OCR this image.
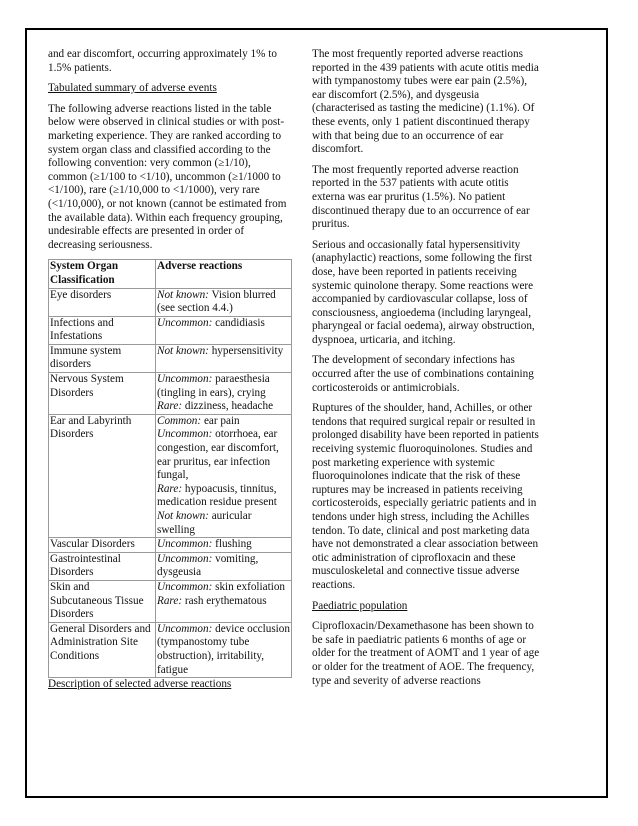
and ear discomfort, occurring approximately 1% to 1.5% patients.

Tabulated summary of adverse events

The following adverse reactions listed in the table below were observed in clinical studies or with post-marketing experience. They are ranked according to system organ class and classified according to the following convention: very common (≥1/10), common (≥1/100 to <1/10), uncommon (≥1/1000 to <1/100), rare (≥1/10,000 to <1/1000), very rare (<1/10,000), or not known (cannot be estimated from the available data). Within each frequency grouping, undesirable effects are presented in order of decreasing seriousness.

System Organ Classification	Adverse reactions
Eye disorders	Not known: Vision blurred (see section 4.4.)

Infections and Infestations	Uncommon: candidiasis

Immune system disorders	Not known: hypersensitivity

Nervous System Disorders	Uncommon: paraesthesia (tingling in ears), crying
Rare: dizziness, headache

Ear and Labyrinth Disorders	Common: ear pain
Uncommon: otorrhoea, ear congestion, ear discomfort, ear pruritus, ear infection fungal,
Rare: hypoacusis, tinnitus, medication residue present
Not known: auricular swelling

Vascular Disorders	Uncommon: flushing

Gastrointestinal Disorders	Uncommon: vomiting, dysgeusia

Skin and Subcutaneous Tissue Disorders	Uncommon: skin exfoliation
Rare: rash erythematous

General Disorders and Administration Site Conditions	Uncommon: device occlusion (tympanostomy tube obstruction), irritability, fatigue

Description of selected adverse reactions

The most frequently reported adverse reactions reported in the 439 patients with acute otitis media with tympanostomy tubes were ear pain (2.5%), ear discomfort (2.5%), and dysgeusia (characterised as tasting the medicine) (1.1%). Of these events, only 1 patient discontinued therapy with that being due to an occurrence of ear discomfort.

The most frequently reported adverse reaction reported in the 537 patients with acute otitis externa was ear pruritus (1.5%). No patient discontinued therapy due to an occurrence of ear pruritus.

Serious and occasionally fatal hypersensitivity (anaphylactic) reactions, some following the first dose, have been reported in patients receiving systemic quinolone therapy. Some reactions were accompanied by cardiovascular collapse, loss of consciousness, angioedema (including laryngeal, pharyngeal or facial oedema), airway obstruction, dyspnoea, urticaria, and itching.

The development of secondary infections has occurred after the use of combinations containing corticosteroids or antimicrobials.

Ruptures of the shoulder, hand, Achilles, or other tendons that required surgical repair or resulted in prolonged disability have been reported in patients receiving systemic fluoroquinolones. Studies and post marketing experience with systemic fluoroquinolones indicate that the risk of these ruptures may be increased in patients receiving corticosteroids, especially geriatric patients and in tendons under high stress, including the Achilles tendon. To date, clinical and post marketing data have not demonstrated a clear association between otic administration of ciprofloxacin and these musculoskeletal and connective tissue adverse reactions.

Paediatric population

Ciprofloxacin/Dexamethasone has been shown to be safe in paediatric patients 6 months of age or older for the treatment of AOMT and 1 year of age or older for the treatment of AOE. The frequency, type and severity of adverse reactions
